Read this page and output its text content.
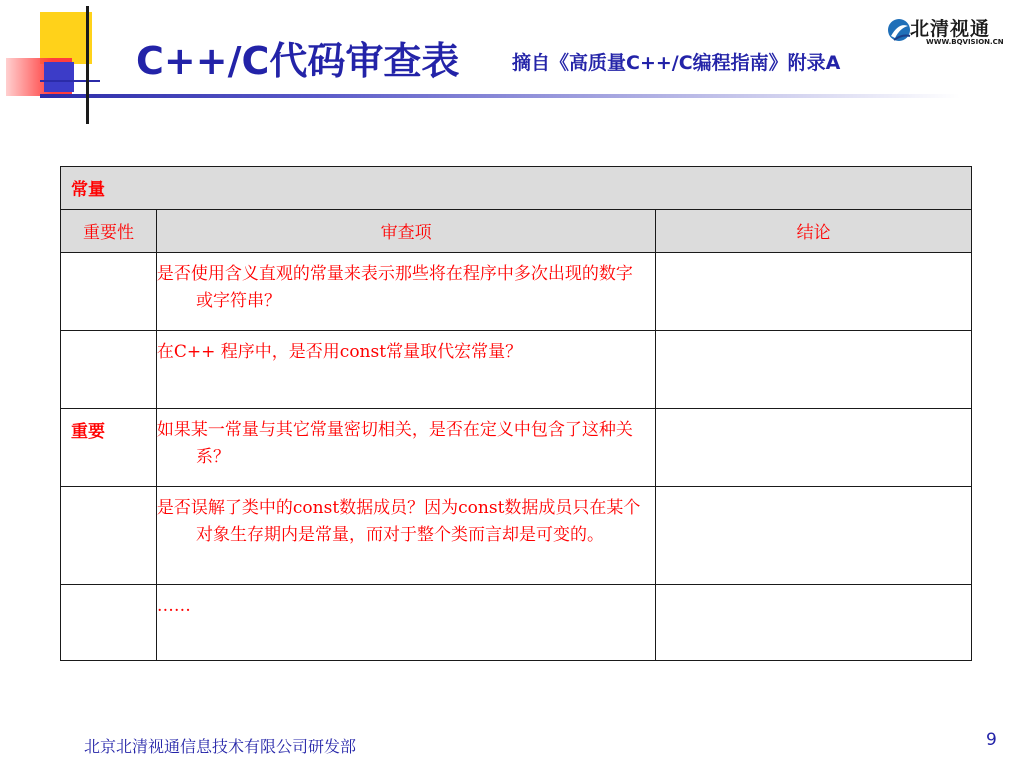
C++/C代码审查表	摘自《高质量C++/C编程指南》附录A
北清视通
WWW.BQVISION.CN
常量		
重要性	审查项	结论
	是否使用含义直观的常量来表示那些将在程序中多次出现的数字或字符串？	
	在C++ 程序中，是否用const常量取代宏常量？	
重要	如果某一常量与其它常量密切相关，是否在定义中包含了这种关系？	
	是否误解了类中的const数据成员？因为const数据成员只在某个对象生存期内是常量，而对于整个类而言却是可变的。	
	……	
北京北清视通信息技术有限公司研发部	9
